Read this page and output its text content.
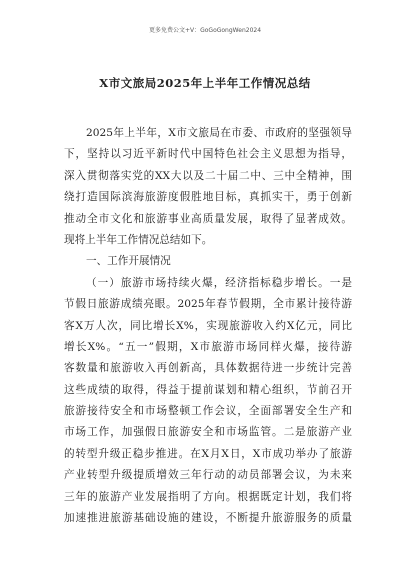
更多免费公文+V：GoGoGongWen2024
X市文旅局2025年上半年工作情况总结
2025年上半年，X市文旅局在市委、市政府的坚强领导
下，坚持以习近平新时代中国特色社会主义思想为指导，
深入贯彻落实党的XX大以及二十届二中、三中全精神，围
绕打造国际滨海旅游度假胜地目标，真抓实干，勇于创新
推动全市文化和旅游事业高质量发展，取得了显著成效。
现将上半年工作情况总结如下。
一、工作开展情况
（一）旅游市场持续火爆，经济指标稳步增长。一是
节假日旅游成绩亮眼。2025年春节假期，全市累计接待游
客X万人次，同比增长X%，实现旅游收入约X亿元，同比
增长X%。“五一”假期，X市旅游市场同样火爆，接待游
客数量和旅游收入再创新高，具体数据待进一步统计完善
这些成绩的取得，得益于提前谋划和精心组织，节前召开
旅游接待安全和市场整顿工作会议，全面部署安全生产和
市场工作，加强假日旅游安全和市场监管。二是旅游产业
的转型升级正稳步推进。在X月X日，X市成功举办了旅游
产业转型升级提质增效三年行动的动员部署会议，为未来
三年的旅游产业发展指明了方向。根据既定计划，我们将
加速推进旅游基础设施的建设，不断提升旅游服务的质量
